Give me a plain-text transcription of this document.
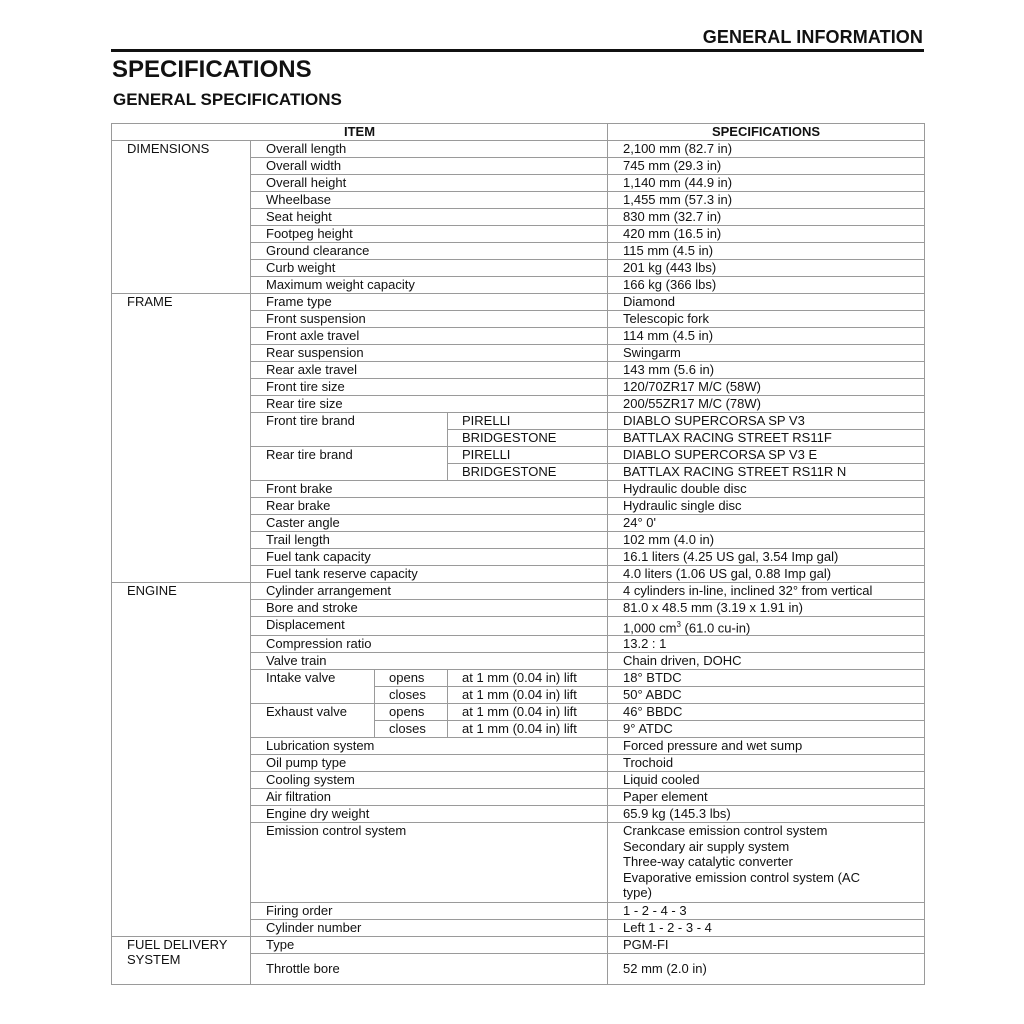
GENERAL INFORMATION
SPECIFICATIONS
GENERAL SPECIFICATIONS
ITEM				SPECIFICATIONS
DIMENSIONS	Overall length			2,100 mm (82.7 in)
	Overall width			745 mm (29.3 in)
	Overall height			1,140 mm (44.9 in)
	Wheelbase			1,455 mm (57.3 in)
	Seat height			830 mm (32.7 in)
	Footpeg height			420 mm (16.5 in)
	Ground clearance			115 mm (4.5 in)
	Curb weight			201 kg (443 lbs)
	Maximum weight capacity			166 kg (366 lbs)
FRAME	Frame type			Diamond
	Front suspension			Telescopic fork
	Front axle travel			114 mm (4.5 in)
	Rear suspension			Swingarm
	Rear axle travel			143 mm (5.6 in)
	Front tire size			120/70ZR17 M/C (58W)
	Rear tire size			200/55ZR17 M/C (78W)
	Front tire brand		PIRELLI	DIABLO SUPERCORSA SP V3
			BRIDGESTONE	BATTLAX RACING STREET RS11F
	Rear tire brand		PIRELLI	DIABLO SUPERCORSA SP V3 E
			BRIDGESTONE	BATTLAX RACING STREET RS11R N
	Front brake			Hydraulic double disc
	Rear brake			Hydraulic single disc
	Caster angle			24° 0'
	Trail length			102 mm (4.0 in)
	Fuel tank capacity			16.1 liters (4.25 US gal, 3.54 Imp gal)
	Fuel tank reserve capacity			4.0 liters (1.06 US gal, 0.88 Imp gal)
ENGINE	Cylinder arrangement			4 cylinders in-line, inclined 32° from vertical
	Bore and stroke			81.0 x 48.5 mm (3.19 x 1.91 in)
	Displacement			1,000 $cm^3$ (61.0 cu-in)
	Compression ratio			13.2 : 1
	Valve train			Chain driven, DOHC
	Intake valve	opens	at 1 mm (0.04 in) lift	18° BTDC
		closes	at 1 mm (0.04 in) lift	50° ABDC
	Exhaust valve	opens	at 1 mm (0.04 in) lift	46° BBDC
		closes	at 1 mm (0.04 in) lift	9° ATDC
	Lubrication system			Forced pressure and wet sump
	Oil pump type			Trochoid
	Cooling system			Liquid cooled
	Air filtration			Paper element
	Engine dry weight			65.9 kg (145.3 lbs)
	Emission control system			Crankcase emission control system
Secondary air supply system
Three-way catalytic converter
Evaporative emission control system (AC type)

	Firing order			1 - 2 - 4 - 3
	Cylinder number			Left 1 - 2 - 3 - 4
FUEL DELIVERY SYSTEM	Type			PGM-FI
	Throttle bore			52 mm (2.0 in)
